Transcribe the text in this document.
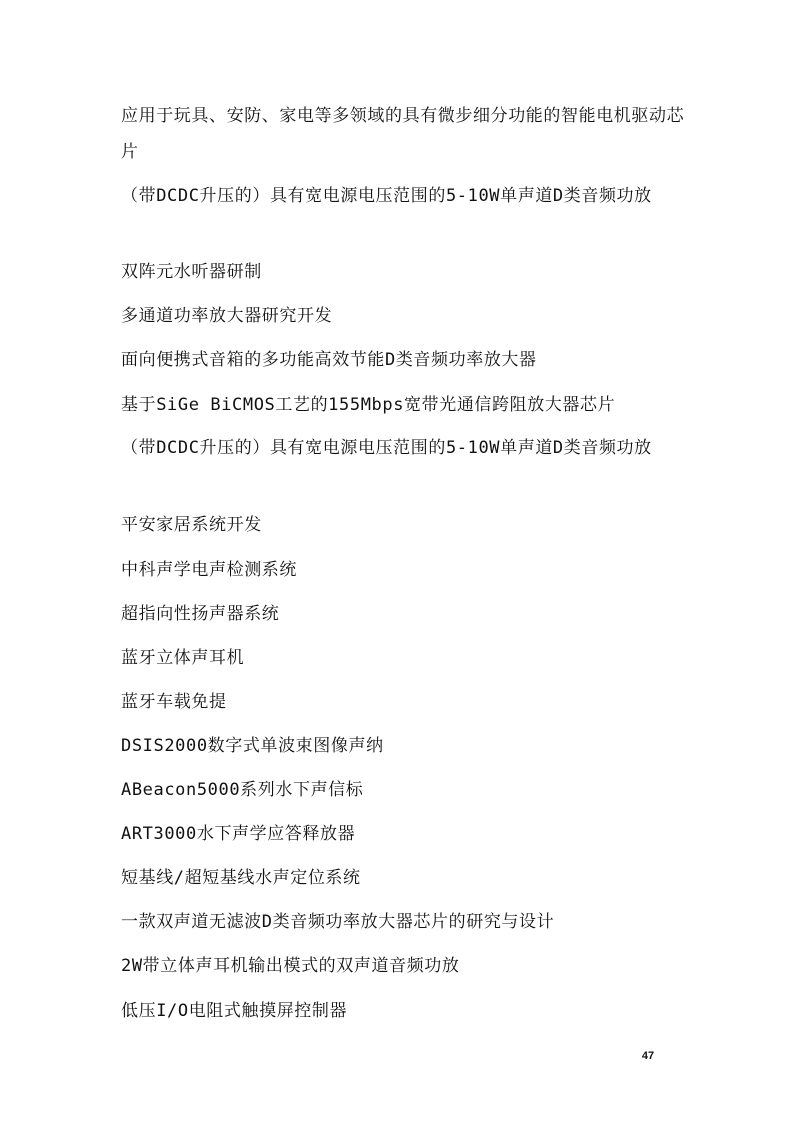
应用于玩具、安防、家电等多领域的具有微步细分功能的智能电机驱动芯片
（带DCDC升压的）具有宽电源电压范围的5-10W单声道D类音频功放
双阵元水听器研制
多通道功率放大器研究开发
面向便携式音箱的多功能高效节能D类音频功率放大器
基于SiGe BiCMOS工艺的155Mbps宽带光通信跨阻放大器芯片
（带DCDC升压的）具有宽电源电压范围的5-10W单声道D类音频功放
平安家居系统开发
中科声学电声检测系统
超指向性扬声器系统
蓝牙立体声耳机
蓝牙车载免提
DSIS2000数字式单波束图像声纳
ABeacon5000系列水下声信标
ART3000水下声学应答释放器
短基线/超短基线水声定位系统
一款双声道无滤波D类音频功率放大器芯片的研究与设计
2W带立体声耳机输出模式的双声道音频功放
低压I/O电阻式触摸屏控制器
47
